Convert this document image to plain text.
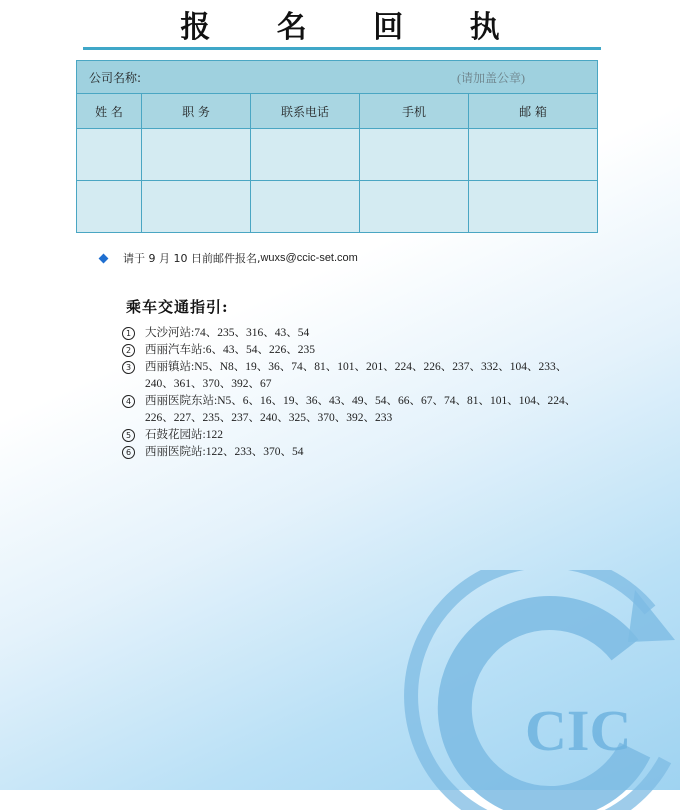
报 名 回 执
公司名称: (请加盖公章)				

姓 名	职 务	联系电话	手机	邮 箱

请于 9 月 10 日前邮件报名, wuxs@ccic-set.com
乘车交通指引:
1	大沙河站:74、235、316、43、54
2	西丽汽车站:6、43、54、226、235
3	西丽镇站:N5、N8、19、36、74、81、101、201、224、226、237、332、104、233、240、361、370、392、67
4	西丽医院东站:N5、6、16、19、36、43、49、54、66、67、74、81、101、104、224、226、227、235、237、240、325、370、392、233
5	石鼓花园站:122
6	西丽医院站:122、233、370、54
CIC
